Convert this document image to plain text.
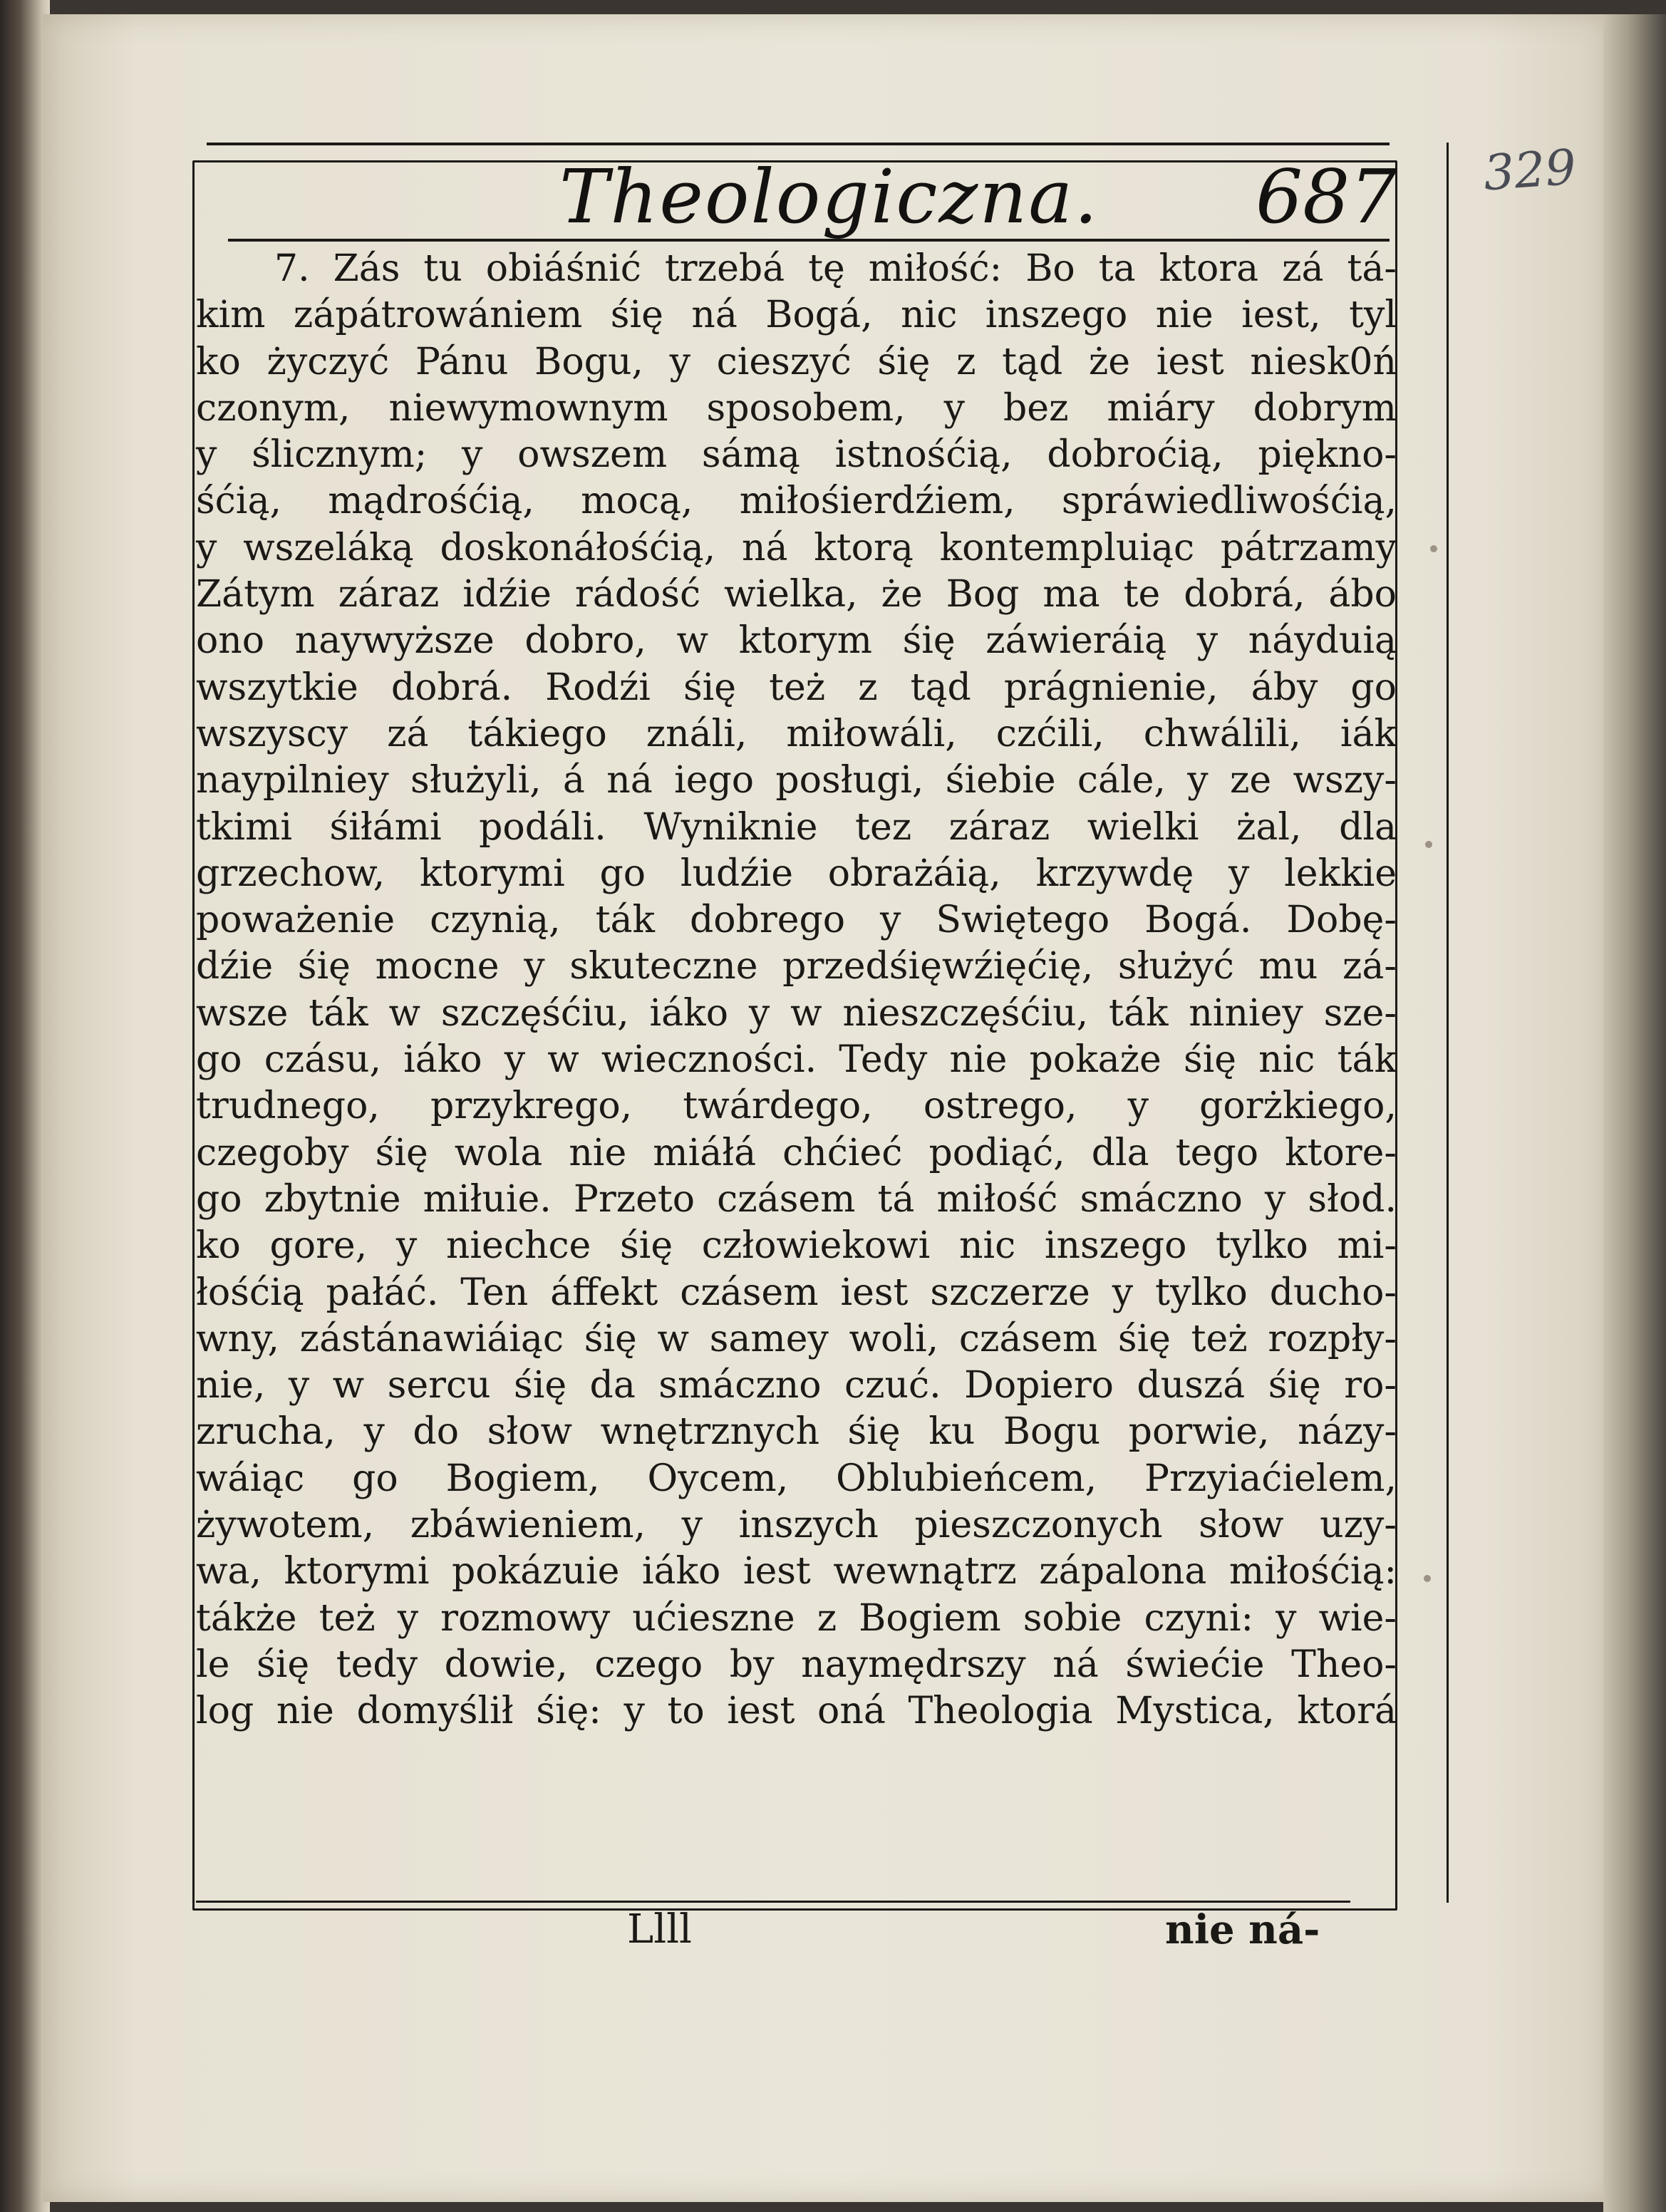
Theologiczna. 687 329
7. Zás tu obiáśnić trzebá tę miłość: Bo ta ktora zá tá-
kim zápátrowániem śię ná Bogá, nic inszego nie iest, tyl
ko życzyć Pánu Bogu, y cieszyć śię z tąd że iest niesk0ń
czonym, niewymownym sposobem, y bez miáry dobrym
y ślicznym; y owszem sámą istnośćią, dobroćią, piękno-
śćią, mądrośćią, mocą, miłośierdźiem, spráwiedliwośćią,
y wszeláką doskonáłośćią, ná ktorą kontempluiąc pátrzamy
Zátym záraz idźie rádość wielka, że Bog ma te dobrá, ábo
ono naywyższe dobro, w ktorym śię záwieráią y náyduią
wszytkie dobrá. Rodźi śię też z tąd prágnienie, áby go
wszyscy zá tákiego ználi, miłowáli, czćili, chwálili, iák
naypilniey służyli, á ná iego posługi, śiebie cále, y ze wszy-
tkimi śiłámi podáli. Wyniknie tez záraz wielki żal, dla
grzechow, ktorymi go ludźie obrażáią, krzywdę y lekkie
poważenie czynią, ták dobrego y Swiętego Bogá. Dobę-
dźie śię mocne y skuteczne przedśięwźięćię, służyć mu zá-
wsze ták w szczęśćiu, iáko y w nieszczęśćiu, ták niniey sze-
go czásu, iáko y w wieczności. Tedy nie pokaże śię nic ták
trudnego, przykrego, twárdego, ostrego, y gorżkiego,
czegoby śię wola nie miáłá chćieć podiąć, dla tego ktore-
go zbytnie miłuie. Przeto czásem tá miłość smáczno y słod.
ko gore, y niechce śię człowiekowi nic inszego tylko mi-
łośćią pałáć. Ten áffekt czásem iest szczerze y tylko ducho-
wny, zástánawiáiąc śię w samey woli, czásem śię też rozpły-
nie, y w sercu śię da smáczno czuć. Dopiero duszá śię ro-
zrucha, y do słow wnętrznych śię ku Bogu porwie, názy-
wáiąc go Bogiem, Oycem, Oblubieńcem, Przyiaćielem,
żywotem, zbáwieniem, y inszych pieszczonych słow uzy-
wa, ktorymi pokázuie iáko iest wewnątrz zápalona miłośćią:
tákże też y rozmowy ućieszne z Bogiem sobie czyni: y wie-
le śię tedy dowie, czego by naymędrszy ná świećie Theo-
log nie domyślił śię: y to iest oná Theologia Mystica, ktorá
Llll	nie ná-
